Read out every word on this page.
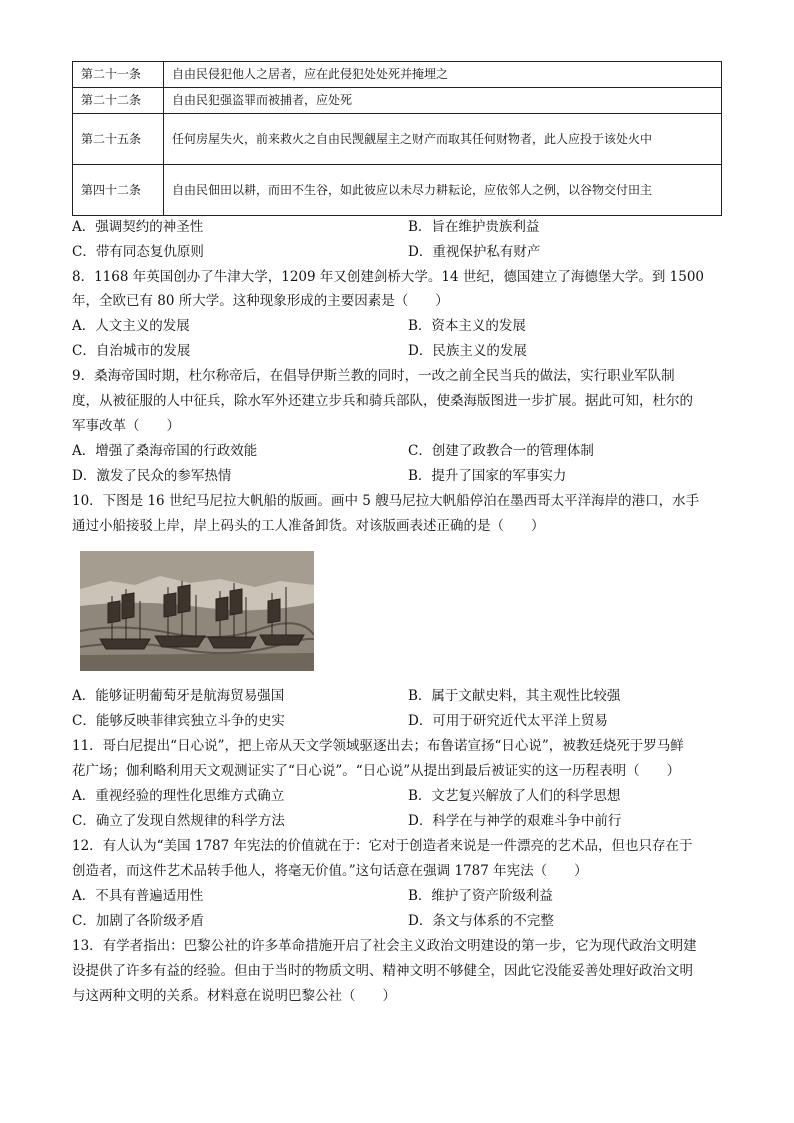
第二十一条	自由民侵犯他人之居者，应在此侵犯处处死并掩埋之
第二十二条	自由民犯强盗罪而被捕者，应处死
第二十五条	任何房屋失火，前来救火之自由民觊觎屋主之财产而取其任何财物者，此人应投于该处火中
第四十二条	自由民佃田以耕，而田不生谷，如此彼应以未尽力耕耘论，应依邻人之例，以谷物交付田主
A．强调契约的神圣性	B．旨在维护贵族利益
C．带有同态复仇原则	D．重视保护私有财产
8．1168 年英国创办了牛津大学，1209 年又创建剑桥大学。14 世纪，德国建立了海德堡大学。到 1500
年，全欧已有 80 所大学。这种现象形成的主要因素是（　　）
A．人文主义的发展	B．资本主义的发展
C．自治城市的发展	D．民族主义的发展
9．桑海帝国时期，杜尔称帝后，在倡导伊斯兰教的同时，一改之前全民当兵的做法，实行职业军队制
度，从被征服的人中征兵，除水军外还建立步兵和骑兵部队，使桑海版图进一步扩展。据此可知，杜尔的
军事改革（　　）
A．增强了桑海帝国的行政效能	C．创建了政教合一的管理体制
D．激发了民众的参军热情	B．提升了国家的军事实力
10．下图是 16 世纪马尼拉大帆船的版画。画中 5 艘马尼拉大帆船停泊在墨西哥太平洋海岸的港口，水手
通过小船接驳上岸，岸上码头的工人准备卸货。对该版画表述正确的是（　　）
A．能够证明葡萄牙是航海贸易强国	B．属于文献史料，其主观性比较强
C．能够反映菲律宾独立斗争的史实	D．可用于研究近代太平洋上贸易
11．哥白尼提出“日心说”，把上帝从天文学领域驱逐出去；布鲁诺宣扬“日心说”，被教廷烧死于罗马鲜
花广场；伽利略利用天文观测证实了“日心说”。“日心说”从提出到最后被证实的这一历程表明（　　）
A．重视经验的理性化思维方式确立	B．文艺复兴解放了人们的科学思想
C．确立了发现自然规律的科学方法	D．科学在与神学的艰难斗争中前行
12．有人认为“美国 1787 年宪法的价值就在于：它对于创造者来说是一件漂亮的艺术品，但也只存在于
创造者，而这件艺术品转手他人，将毫无价值。”这句话意在强调 1787 年宪法（　　）
A．不具有普遍适用性	B．维护了资产阶级利益
C．加剧了各阶级矛盾	D．条文与体系的不完整
13．有学者指出：巴黎公社的许多革命措施开启了社会主义政治文明建设的第一步，它为现代政治文明建
设提供了许多有益的经验。但由于当时的物质文明、精神文明不够健全，因此它没能妥善处理好政治文明
与这两种文明的关系。材料意在说明巴黎公社（　　）
